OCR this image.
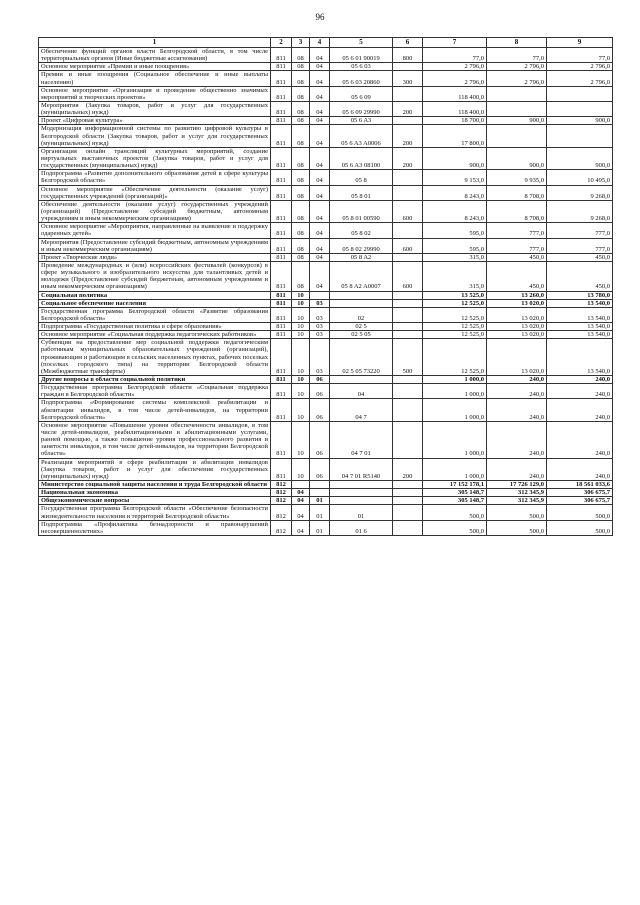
96
1	2	3	4	5	6	7	8	9
Обеспечение функций органов власти Белгородской области, в том числе территориальных органов (Иные бюджетные ассигнования)	811	08	04	05 6 01 90019	800	77,0	77,0	77,0
Основное мероприятие «Премии и иные поощрения»	811	08	04	05 6 03		2 796,0	2 796,0	2 796,0
Премии и иные поощрения (Социальное обеспечение и иные выплаты населению)	811	08	04	05 6 03 20860	300	2 796,0	2 796,0	2 796,0
Основное мероприятие «Организация и проведение общественно значимых мероприятий и творческих проектов»	811	08	04	05 6 09		118 400,0		
Мероприятия (Закупка товаров, работ и услуг для государственных (муниципальных) нужд)	811	08	04	05 6 09 29990	200	118 400,0		
Проект «Цифровая культура»	811	08	04	05 6 A3		18 700,0	900,0	900,0
Модернизация информационной системы по развитию цифровой культуры в Белгородской области (Закупка товаров, работ и услуг для государственных (муниципальных) нужд)	811	08	04	05 6 A3 A0006	200	17 800,0		
Организация онлайн трансляций культурных мероприятий, создание виртуальных выставочных проектов (Закупка товаров, работ и услуг для государственных (муниципальных) нужд)	811	08	04	05 6 A3 08100	200	900,0	900,0	900,0
Подпрограмма «Развитие дополнительного образования детей в сфере культуры Белгородской области»	811	08	04	05 8		9 153,0	9 935,0	10 495,0
Основное мероприятие «Обеспечение деятельности (оказание услуг) государственных учреждений (организаций)»	811	08	04	05 8 01		8 243,0	8 708,0	9 268,0
Обеспечение деятельности (оказание услуг) государственных учреждений (организаций) (Предоставление субсидий бюджетным, автономным учреждениям и иным некоммерческим организациям)	811	08	04	05 8 01 00590	600	8 243,0	8 708,0	9 268,0
Основное мероприятие «Мероприятия, направленные на выявление и поддержку одаренных детей»	811	08	04	05 8 02		595,0	777,0	777,0
Мероприятия (Предоставление субсидий бюджетным, автономным учреждениям и иным некоммерческим организациям)	811	08	04	05 8 02 29990	600	595,0	777,0	777,0
Проект «Творческие люди»	811	08	04	05 8 A2		315,0	450,0	450,0
Проведение международных и (или) всероссийских фестивалей (конкурсов) в сфере музыкального и изобразительного искусства для талантливых детей и молодежи (Предоставление субсидий бюджетным, автономным учреждениям и иным некоммерческим организациям)	811	08	04	05 8 A2 A0007	600	315,0	450,0	450,0
Социальная политика	811	10				13 525,0	13 260,0	13 780,0
Социальное обеспечение населения	811	10	03			12 525,0	13 020,0	13 540,0
Государственная программа Белгородской области «Развитие образования Белгородской области»	811	10	03	02		12 525,0	13 020,0	13 540,0
Подпрограмма «Государственная политика в сфере образования»	811	10	03	02 5		12 525,0	13 020,0	13 540,0
Основное мероприятие «Социальная поддержка педагогических работников»	811	10	03	02 5 05		12 525,0	13 020,0	13 540,0
Субвенции на предоставление мер социальной поддержки педагогическим работникам муниципальных образовательных учреждений (организаций), проживающим и работающим в сельских населенных пунктах, рабочих поселках (поселках городского типа) на территории Белгородской области (Межбюджетные трансферты)	811	10	03	02 5 05 73220	500	12 525,0	13 020,0	13 540,0
Другие вопросы в области социальной политики	811	10	06			1 000,0	240,0	240,0
Государственная программа Белгородской области «Социальная поддержка граждан в Белгородской области»	811	10	06	04		1 000,0	240,0	240,0
Подпрограмма «Формирование системы комплексной реабилитации и абилитации инвалидов, в том числе детей-инвалидов, на территории Белгородской области»	811	10	06	04 7		1 000,0	240,0	240,0
Основное мероприятие «Повышение уровня обеспеченности инвалидов, в том числе детей-инвалидов, реабилитационными и абилитационными услугами, ранней помощью, а также повышение уровня профессионального развития и занятости инвалидов, в том числе детей-инвалидов, на территории Белгородской области»	811	10	06	04 7 01		1 000,0	240,0	240,0
Реализация мероприятий в сфере реабилитации и абилитации инвалидов (Закупка товаров, работ и услуг для обеспечения государственных (муниципальных) нужд)	811	10	06	04 7 01 R5140	200	1 000,0	240,0	240,0
Министерство социальной защиты населения и труда Белгородской области	812					17 152 178,1	17 726 129,0	18 561 033,6
Национальная экономика	812	04				305 148,7	312 345,9	306 675,7
Общеэкономические вопросы	812	04	01			305 148,7	312 345,9	306 675,7
Государственная программа Белгородской области «Обеспечение безопасности жизнедеятельности населения и территорий Белгородской области»	812	04	01	01		500,0	500,0	500,0
Подпрограмма «Профилактика безнадзорности и правонарушений несовершеннолетних»	812	04	01	01 6		500,0	500,0	500,0
